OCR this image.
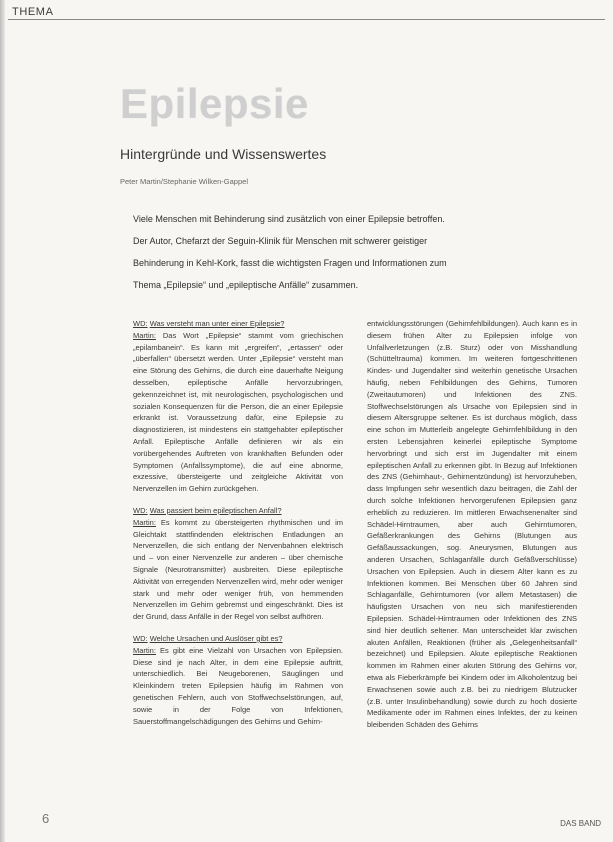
THEMA
Epilepsie
Hintergründe und Wissenswertes
Peter Martin/Stephanie Wilken-Gappel

Viele Menschen mit Behinderung sind zusätzlich von einer Epilepsie betroffen.

Der Autor, Chefarzt der Seguin-Klinik für Menschen mit schwerer geistiger

Behinderung in Kehl-Kork, fasst die wichtigsten Fragen und Informationen zum

Thema „Epilepsie“ und „epileptische Anfälle“ zusammen.

WD: Was versteht man unter einer Epilepsie?
Martin: Das Wort „Epilepsie“ stammt vom griechischen „epilambanein“. Es kann mit „ergreifen“, „ertassen“ oder „überfallen“ übersetzt werden. Unter „Epilepsie“ versteht man eine Störung des Gehirns, die durch eine dauerhafte Neigung desselben, epileptische Anfälle hervorzubringen, gekennzeichnet ist, mit neurologischen, psychologischen und sozialen Konsequenzen für die Person, die an einer Epilepsie erkrankt ist. Voraussetzung dafür, eine Epilepsie zu diagnostizieren, ist mindestens ein stattgehabter epileptischer Anfall. Epileptische Anfälle definieren wir als ein vorübergehendes Auftreten von krankhaften Befunden oder Symptomen (Anfallssymptome), die auf eine abnorme, exzessive, übersteigerte und zeitgleiche Aktivität von Nervenzellen im Gehirn zurückgehen.

WD: Was passiert beim epileptischen Anfall?
Martin: Es kommt zu übersteigerten rhythmischen und im Gleichtakt stattfindenden elektrischen Entladungen an Nervenzellen, die sich entlang der Nervenbahnen elektrisch und – von einer Nervenzelle zur anderen – über chemische Signale (Neurotransmitter) ausbreiten. Diese epileptische Aktivität von erregenden Nervenzellen wird, mehr oder weniger stark und mehr oder weniger früh, von hemmenden Nervenzellen im Gehirn gebremst und eingeschränkt. Dies ist der Grund, dass Anfälle in der Regel von selbst aufhören.

WD: Welche Ursachen und Auslöser gibt es?
Martin: Es gibt eine Vielzahl von Ursachen von Epilepsien. Diese sind je nach Alter, in dem eine Epilepsie auftritt, unterschiedlich. Bei Neugeborenen, Säuglingen und Kleinkindern treten Epilepsien häufig im Rahmen von genetischen Fehlern, auch von Stoffwechselstörungen, auf, sowie in der Folge von Infektionen, Sauerstoffmangelschädigungen des Gehirns und Gehirn-

entwicklungsstörungen (Gehirnfehlbildungen). Auch kann es in diesem frühen Alter zu Epilepsien infolge von Unfallverletzungen (z.B. Sturz) oder von Misshandlung (Schütteltrauma) kommen. Im weiteren fortgeschrittenen Kindes- und Jugendalter sind weiterhin genetische Ursachen häufig, neben Fehlbildungen des Gehirns, Tumoren (Zweitautumoren) und Infektionen des ZNS. Stoffwechselstörungen als Ursache von Epilepsien sind in diesem Altersgruppe seltener. Es ist durchaus möglich, dass eine schon im Mutterleib angelegte Gehirnfehlbildung in den ersten Lebensjahren keinerlei epileptische Symptome hervorbringt und sich erst im Jugendalter mit einem epileptischen Anfall zu erkennen gibt. In Bezug auf Infektionen des ZNS (Gehirnhaut-, Gehirnentzündung) ist hervorzuheben, dass Impfungen sehr wesentlich dazu beitragen, die Zahl der durch solche Infektionen hervorgerufenen Epilepsien ganz erheblich zu reduzieren. Im mittleren Erwachsenenalter sind Schädel-Hirntraumen, aber auch Gehirntumoren, Gefäßerkrankungen des Gehirns (Blutungen aus Gefäßaussackungen, sog. Aneurysmen, Blutungen aus anderen Ursachen, Schlaganfälle durch Gefäßverschlüsse) Ursachen von Epilepsien. Auch in diesem Alter kann es zu Infektionen kommen. Bei Menschen über 60 Jahren sind Schlaganfälle, Gehirntumoren (vor allem Metastasen) die häufigsten Ursachen von neu sich manifestierenden Epilepsien. Schädel-Hirntraumen oder Infektionen des ZNS sind hier deutlich seltener. Man unterscheidet klar zwischen akuten Anfällen, Reaktionen (früher als „Gelegenheitsanfall“ bezeichnet) und Epilepsien. Akute epileptische Reaktionen kommen im Rahmen einer akuten Störung des Gehirns vor, etwa als Fieberkrämpfe bei Kindern oder im Alkoholentzug bei Erwachsenen sowie auch z.B. bei zu niedrigem Blutzucker (z.B. unter Insulinbehandlung) sowie durch zu hoch dosierte Medikamente oder im Rahmen eines Infektes, der zu keinen bleibenden Schäden des Gehirns

6	DAS BAND
